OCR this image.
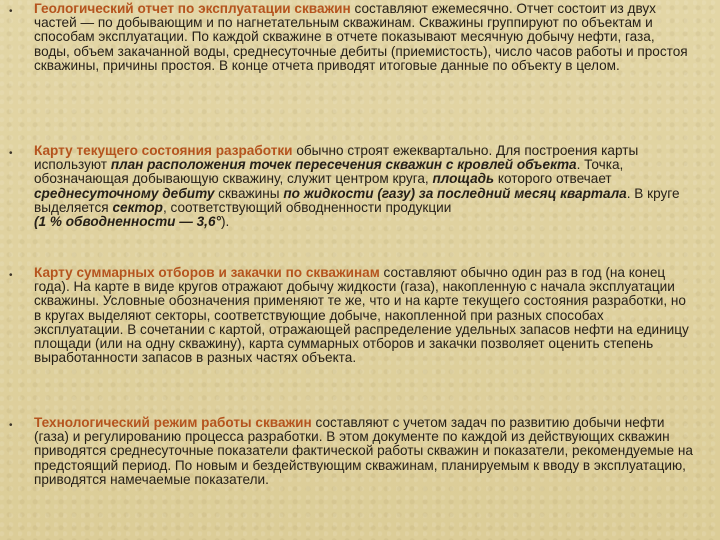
• Геологический отчет по эксплуатации скважин составляют ежемесячно. Отчет состоит из двух частей — по добывающим и по нагнетательным скважинам. Скважины группируют по объектам и способам эксплуатации. По каждой скважине в отчете показывают месячную добычу нефти, газа, воды, объем закачанной воды, среднесуточные дебиты (приемистость), число часов работы и простоя скважины, причины простоя. В конце отчета приводят итоговые данные по объекту в целом.
• Карту текущего состояния разработки обычно строят ежеквартально. Для построения карты используют план расположения точек пересечения скважин с кровлей объекта. Точка, обозначающая добывающую скважину, служит центром круга, площадь которого отвечает среднесуточному дебиту скважины по жидкости (газу) за последний месяц квартала. В круге выделяется сектор, соответствующий обводненности продукции
(1 % обводненности — 3,6°).
• Карту суммарных отборов и закачки по скважинам составляют обычно один раз в год (на конец года). На карте в виде кругов отражают добычу жидкости (газа), накопленную с начала эксплуатации скважины. Условные обозначения применяют те же, что и на карте текущего состояния разработки, но в кругах выделяют секторы, соответствующие добыче, накопленной при разных способах эксплуатации. В сочетании с картой, отражающей распределение удельных запасов нефти на единицу площади (или на одну скважину), карта суммарных отборов и закачки позволяет оценить степень выработанности запасов в разных частях объекта.
• Технологический режим работы скважин составляют с учетом задач по развитию добычи нефти (газа) и регулированию процесса разработки. В этом документе по каждой из действующих скважин приводятся среднесуточные показатели фактической работы скважин и показатели, рекомендуемые на предстоящий период. По новым и бездействующим скважинам, планируемым к вводу в эксплуатацию, приводятся намечаемые показатели.
